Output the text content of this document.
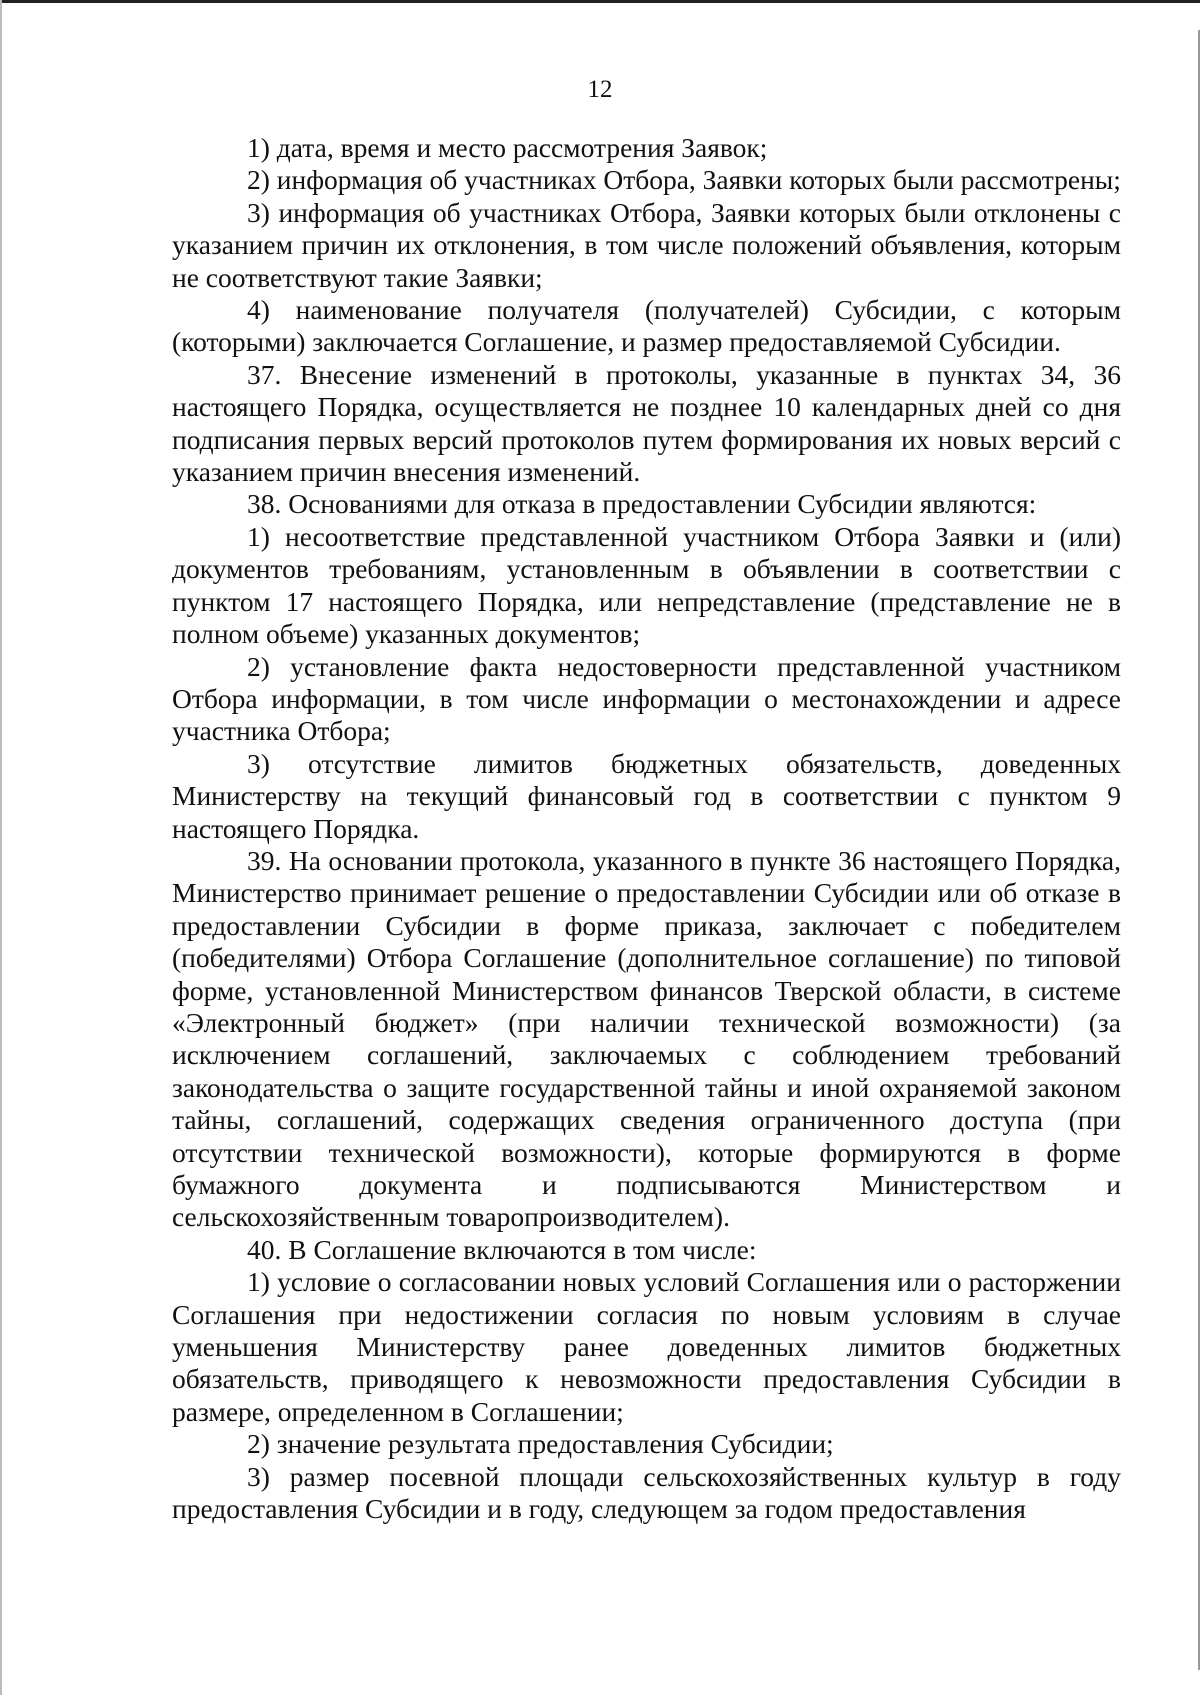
12

1) дата, время и место рассмотрения Заявок;

2) информация об участниках Отбора, Заявки которых были рассмотрены;

3) информация об участниках Отбора, Заявки которых были отклонены с указанием причин их отклонения, в том числе положений объявления, которым не соответствуют такие Заявки;

4) наименование получателя (получателей) Субсидии, с которым (которыми) заключается Соглашение, и размер предоставляемой Субсидии.

37. Внесение изменений в протоколы, указанные в пунктах 34, 36 настоящего Порядка, осуществляется не позднее 10 календарных дней со дня подписания первых версий протоколов путем формирования их новых версий с указанием причин внесения изменений.

38. Основаниями для отказа в предоставлении Субсидии являются:

1) несоответствие представленной участником Отбора Заявки и (или) документов требованиям, установленным в объявлении в соответствии с пунктом 17 настоящего Порядка, или непредставление (представление не в полном объеме) указанных документов;

2) установление факта недостоверности представленной участником Отбора информации, в том числе информации о местонахождении и адресе участника Отбора;

3) отсутствие лимитов бюджетных обязательств, доведенных Министерству на текущий финансовый год в соответствии с пунктом 9 настоящего Порядка.

39. На основании протокола, указанного в пункте 36 настоящего Порядка, Министерство принимает решение о предоставлении Субсидии или об отказе в предоставлении Субсидии в форме приказа, заключает с победителем (победителями) Отбора Соглашение (дополнительное соглашение) по типовой форме, установленной Министерством финансов Тверской области, в системе «Электронный бюджет» (при наличии технической возможности) (за исключением соглашений, заключаемых с соблюдением требований законодательства о защите государственной тайны и иной охраняемой законом тайны, соглашений, содержащих сведения ограниченного доступа (при отсутствии технической возможности), которые формируются в форме бумажного документа и подписываются Министерством и сельскохозяйственным товаропроизводителем).

40. В Соглашение включаются в том числе:

1) условие о согласовании новых условий Соглашения или о расторжении Соглашения при недостижении согласия по новым условиям в случае уменьшения Министерству ранее доведенных лимитов бюджетных обязательств, приводящего к невозможности предоставления Субсидии в размере, определенном в Соглашении;

2) значение результата предоставления Субсидии;

3) размер посевной площади сельскохозяйственных культур в году предоставления Субсидии и в году, следующем за годом предоставления
